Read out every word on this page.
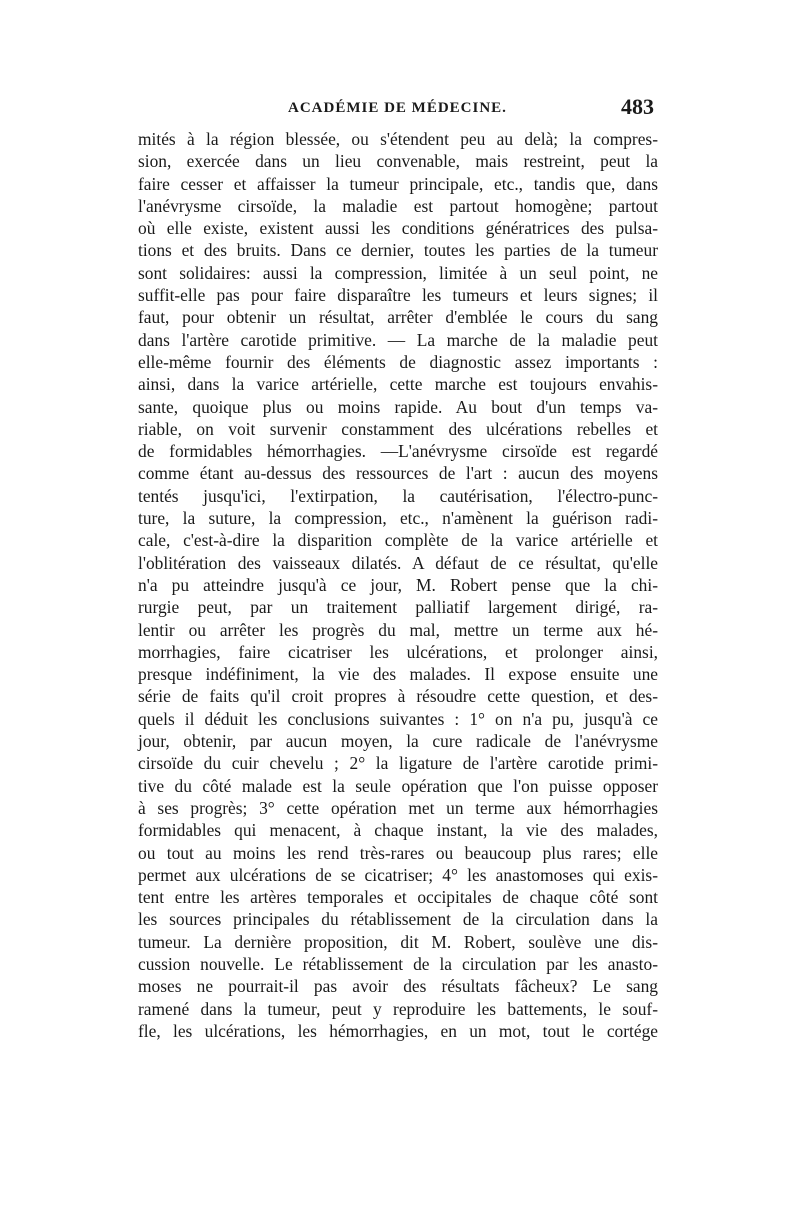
ACADÉMIE DE MÉDECINE.	483
mités à la région blessée, ou s'étendent peu au delà; la compres-
sion, exercée dans un lieu convenable, mais restreint, peut la
faire cesser et affaisser la tumeur principale, etc., tandis que, dans
l'anévrysme cirsoïde, la maladie est partout homogène; partout
où elle existe, existent aussi les conditions génératrices des pulsa-
tions et des bruits. Dans ce dernier, toutes les parties de la tumeur
sont solidaires: aussi la compression, limitée à un seul point, ne
suffit-elle pas pour faire disparaître les tumeurs et leurs signes; il
faut, pour obtenir un résultat, arrêter d'emblée le cours du sang
dans l'artère carotide primitive. — La marche de la maladie peut
elle-même fournir des éléments de diagnostic assez importants :
ainsi, dans la varice artérielle, cette marche est toujours envahis-
sante, quoique plus ou moins rapide. Au bout d'un temps va-
riable, on voit survenir constamment des ulcérations rebelles et
de formidables hémorrhagies. —L'anévrysme cirsoïde est regardé
comme étant au-dessus des ressources de l'art : aucun des moyens
tentés jusqu'ici, l'extirpation, la cautérisation, l'électro-punc-
ture, la suture, la compression, etc., n'amènent la guérison radi-
cale, c'est-à-dire la disparition complète de la varice artérielle et
l'oblitération des vaisseaux dilatés. A défaut de ce résultat, qu'elle
n'a pu atteindre jusqu'à ce jour, M. Robert pense que la chi-
rurgie peut, par un traitement palliatif largement dirigé, ra-
lentir ou arrêter les progrès du mal, mettre un terme aux hé-
morrhagies, faire cicatriser les ulcérations, et prolonger ainsi,
presque indéfiniment, la vie des malades. Il expose ensuite une
série de faits qu'il croit propres à résoudre cette question, et des-
quels il déduit les conclusions suivantes : 1° on n'a pu, jusqu'à ce
jour, obtenir, par aucun moyen, la cure radicale de l'anévrysme
cirsoïde du cuir chevelu ; 2° la ligature de l'artère carotide primi-
tive du côté malade est la seule opération que l'on puisse opposer
à ses progrès; 3° cette opération met un terme aux hémorrhagies
formidables qui menacent, à chaque instant, la vie des malades,
ou tout au moins les rend très-rares ou beaucoup plus rares; elle
permet aux ulcérations de se cicatriser; 4° les anastomoses qui exis-
tent entre les artères temporales et occipitales de chaque côté sont
les sources principales du rétablissement de la circulation dans la
tumeur. La dernière proposition, dit M. Robert, soulève une dis-
cussion nouvelle. Le rétablissement de la circulation par les anasto-
moses ne pourrait-il pas avoir des résultats fâcheux? Le sang
ramené dans la tumeur, peut y reproduire les battements, le souf-
fle, les ulcérations, les hémorrhagies, en un mot, tout le cortége
